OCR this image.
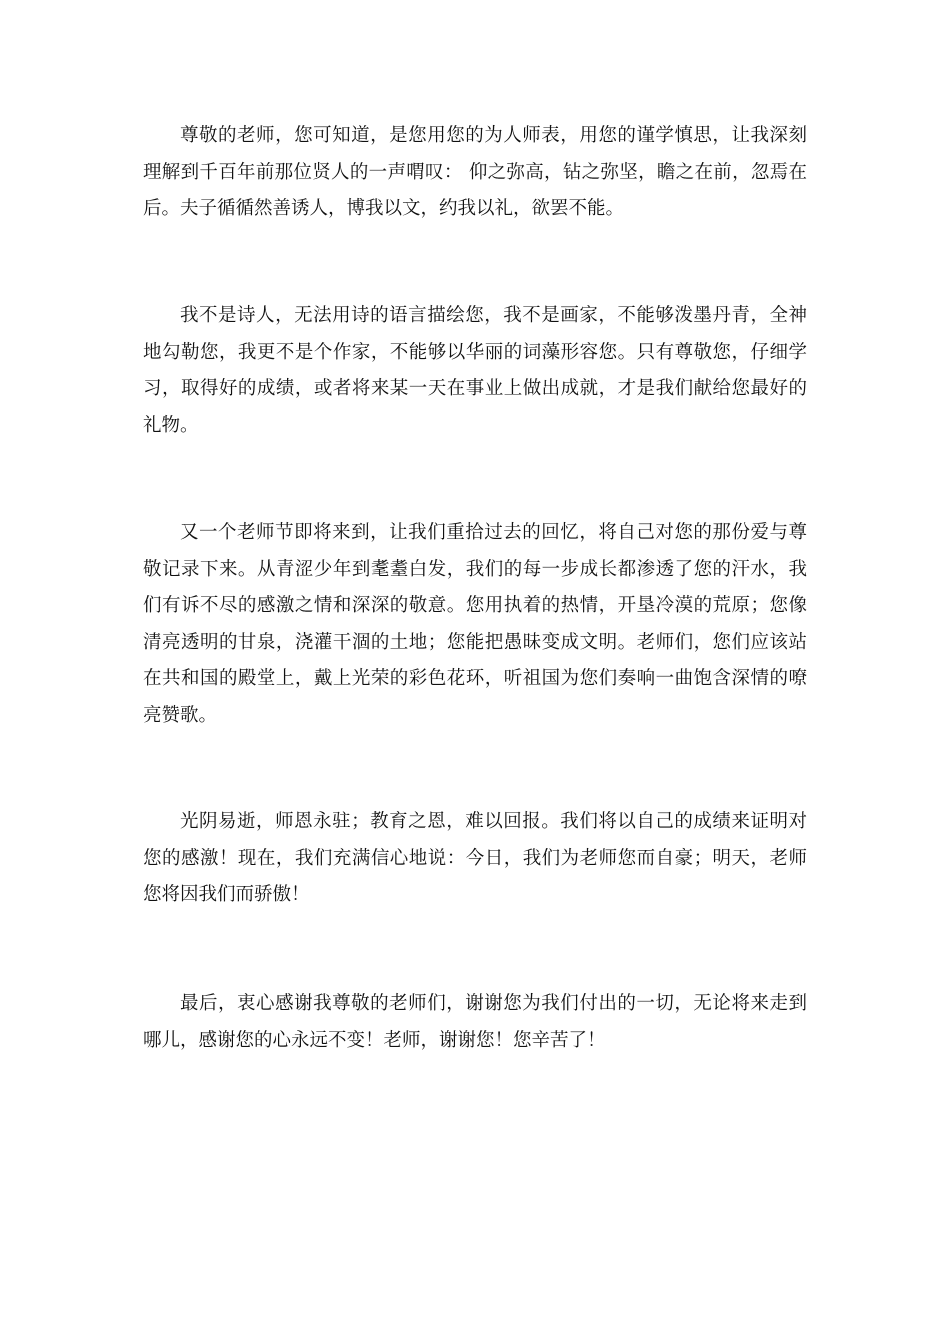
尊敬的老师，您可知道，是您用您的为人师表，用您的谨学慎思，让我深刻理解到千百年前那位贤人的一声喟叹： 仰之弥高，钻之弥坚，瞻之在前，忽焉在后。夫子循循然善诱人，博我以文，约我以礼，欲罢不能。

我不是诗人，无法用诗的语言描绘您，我不是画家，不能够泼墨丹青，全神地勾勒您，我更不是个作家，不能够以华丽的词藻形容您。只有尊敬您，仔细学习，取得好的成绩，或者将来某一天在事业上做出成就，才是我们献给您最好的礼物。

又一个老师节即将来到，让我们重拾过去的回忆，将自己对您的那份爱与尊敬记录下来。从青涩少年到耄耋白发，我们的每一步成长都渗透了您的汗水，我们有诉不尽的感激之情和深深的敬意。您用执着的热情，开垦冷漠的荒原；您像清亮透明的甘泉，浇灌干涸的土地；您能把愚昧变成文明。老师们，您们应该站在共和国的殿堂上，戴上光荣的彩色花环，听祖国为您们奏响一曲饱含深情的嘹亮赞歌。

光阴易逝，师恩永驻；教育之恩，难以回报。我们将以自己的成绩来证明对您的感激！现在，我们充满信心地说：今日，我们为老师您而自豪；明天，老师您将因我们而骄傲！

最后，衷心感谢我尊敬的老师们，谢谢您为我们付出的一切，无论将来走到哪儿，感谢您的心永远不变！老师，谢谢您！您辛苦了！
